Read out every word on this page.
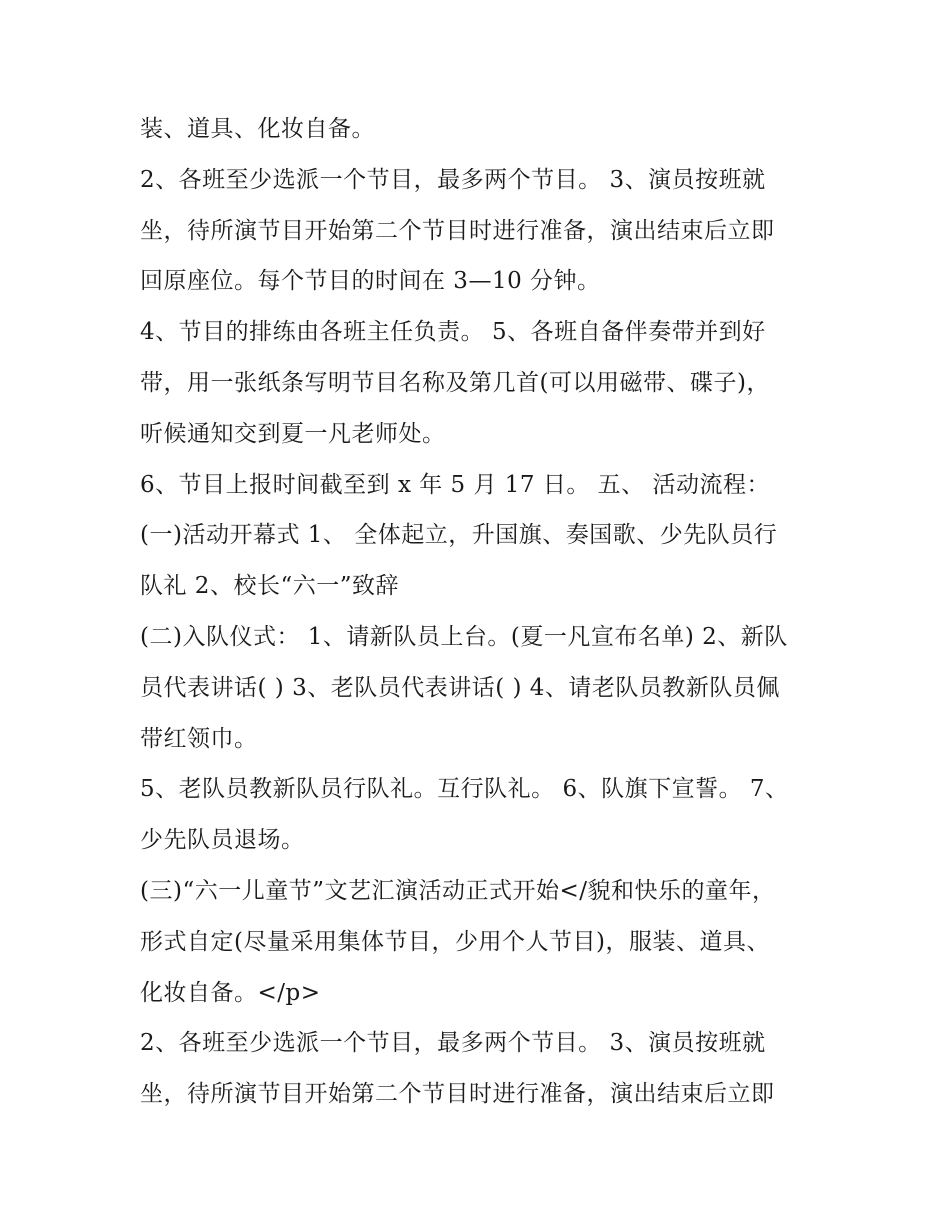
装、道具、化妆自备。
2、各班至少选派一个节目，最多两个节目。 3、演员按班就
坐，待所演节目开始第二个节目时进行准备，演出结束后立即
回原座位。每个节目的时间在 3—10 分钟。
4、节目的排练由各班主任负责。 5、各班自备伴奏带并到好
带，用一张纸条写明节目名称及第几首(可以用磁带、碟子)，
听候通知交到夏一凡老师处。
6、节目上报时间截至到 x 年 5 月 17 日。 五、 活动流程：
(一)活动开幕式 1、 全体起立，升国旗、奏国歌、少先队员行
队礼 2、校长“六一”致辞
(二)入队仪式： 1、请新队员上台。(夏一凡宣布名单) 2、新队
员代表讲话( ) 3、老队员代表讲话( ) 4、请老队员教新队员佩
带红领巾。
5、老队员教新队员行队礼。互行队礼。 6、队旗下宣誓。 7、
少先队员退场。
(三)“六一儿童节”文艺汇演活动正式开始</貌和快乐的童年，
形式自定(尽量采用集体节目，少用个人节目)，服装、道具、
化妆自备。</p>
2、各班至少选派一个节目，最多两个节目。 3、演员按班就
坐，待所演节目开始第二个节目时进行准备，演出结束后立即
